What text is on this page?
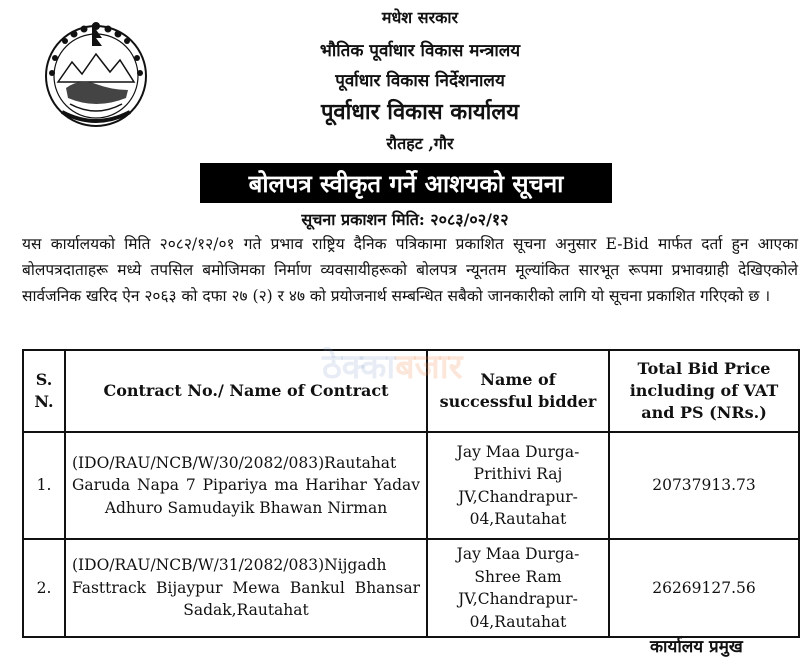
मधेश सरकार
भौतिक पूर्वाधार विकास मन्त्रालय
पूर्वाधार विकास निर्देशनालय
पूर्वाधार विकास कार्यालय
रौतहट ,गौर
बोलपत्र स्वीकृत गर्ने आशयको सूचना
सूचना प्रकाशन मिति: २०८३/०२/१२
यस कार्यालयको मिति २०८२/१२/०१ गते प्रभाव राष्ट्रिय दैनिक पत्रिकामा प्रकाशित सूचना अनुसार E-Bid मार्फत दर्ता हुन आएका बोलपत्रदाताहरू मध्ये तपसिल बमोजिमका निर्माण व्यवसायीहरूको बोलपत्र न्यूनतम मूल्यांकित सारभूत रूपमा प्रभावग्राही देखिएकोले सार्वजनिक खरिद ऐन २०६३ को दफा २७ (२) र ४७ को प्रयोजनार्थ सम्बन्धित सबैको जानकारीको लागि यो सूचना प्रकाशित गरिएको छ ।
S. N.	Contract No./ Name of Contract	Name of successful bidder	Total Bid Price including of VAT and PS (NRs.)
1.	(IDO/RAU/NCB/W/30/2082/083)Rautahat Garuda Napa 7 Pipariya ma Harihar Yadav Adhuro Samudayik Bhawan Nirman	Jay Maa Durga-Prithivi Raj JV,Chandrapur-04,Rautahat	20737913.73
2.	(IDO/RAU/NCB/W/31/2082/083)Nijgadh Fasttrack Bijaypur Mewa Bankul Bhansar Sadak,Rautahat	Jay Maa Durga-Shree Ram JV,Chandrapur-04,Rautahat	26269127.56
ठेक्काबजार
कार्यालय प्रमुख
